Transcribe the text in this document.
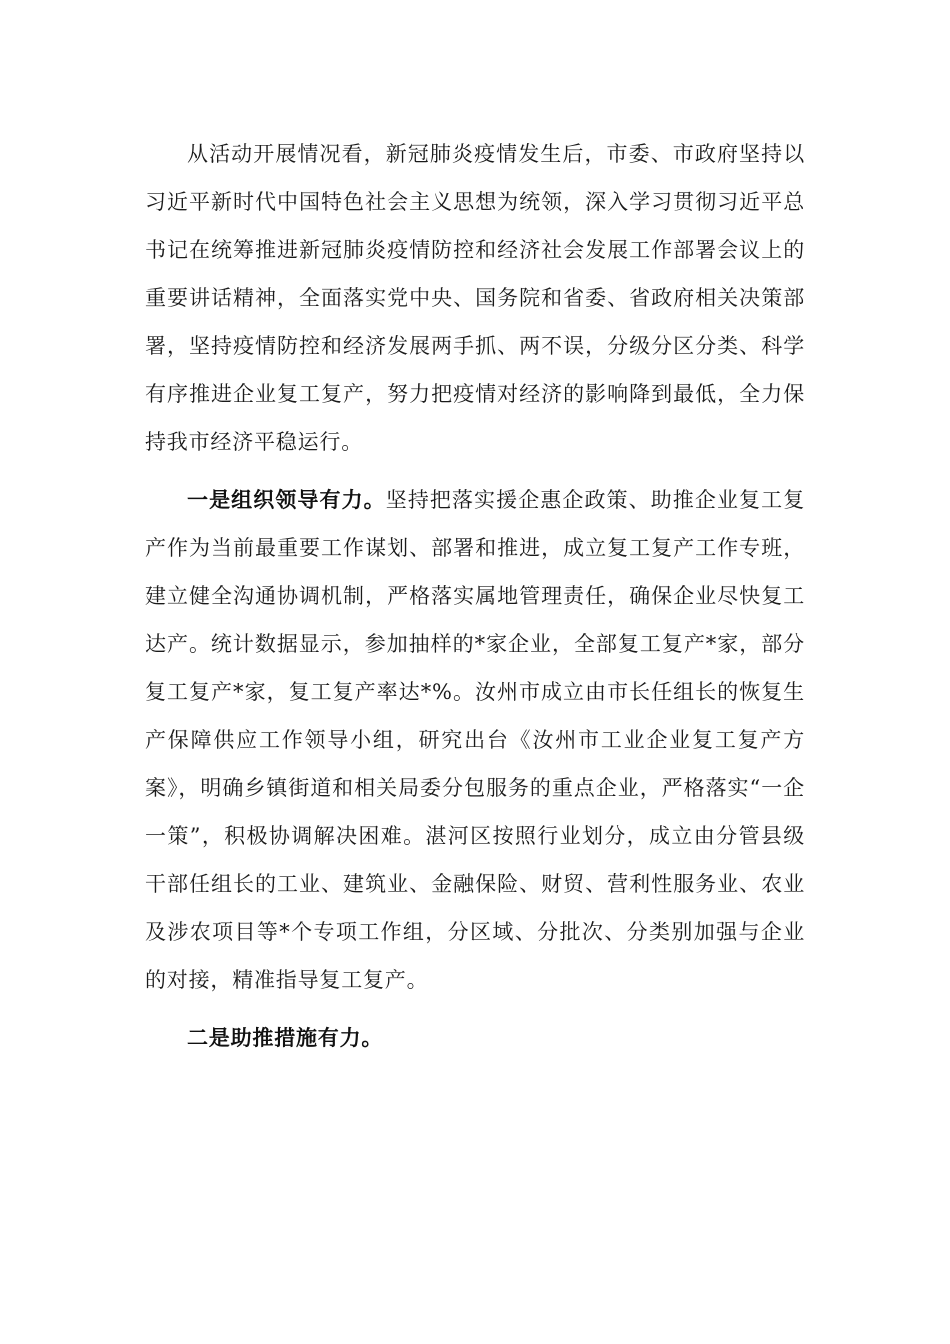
从活动开展情况看，新冠肺炎疫情发生后，市委、市政府坚持以习近平新时代中国特色社会主义思想为统领，深入学习贯彻习近平总书记在统筹推进新冠肺炎疫情防控和经济社会发展工作部署会议上的重要讲话精神，全面落实党中央、国务院和省委、省政府相关决策部署，坚持疫情防控和经济发展两手抓、两不误，分级分区分类、科学有序推进企业复工复产，努力把疫情对经济的影响降到最低，全力保持我市经济平稳运行。

一是组织领导有力。坚持把落实援企惠企政策、助推企业复工复产作为当前最重要工作谋划、部署和推进，成立复工复产工作专班，建立健全沟通协调机制，严格落实属地管理责任，确保企业尽快复工达产。统计数据显示，参加抽样的*家企业，全部复工复产*家，部分复工复产*家，复工复产率达*%。汝州市成立由市长任组长的恢复生产保障供应工作领导小组，研究出台《汝州市工业企业复工复产方案》，明确乡镇街道和相关局委分包服务的重点企业，严格落实“一企一策”，积极协调解决困难。湛河区按照行业划分，成立由分管县级干部任组长的工业、建筑业、金融保险、财贸、营利性服务业、农业及涉农项目等*个专项工作组，分区域、分批次、分类别加强与企业的对接，精准指导复工复产。

二是助推措施有力。
